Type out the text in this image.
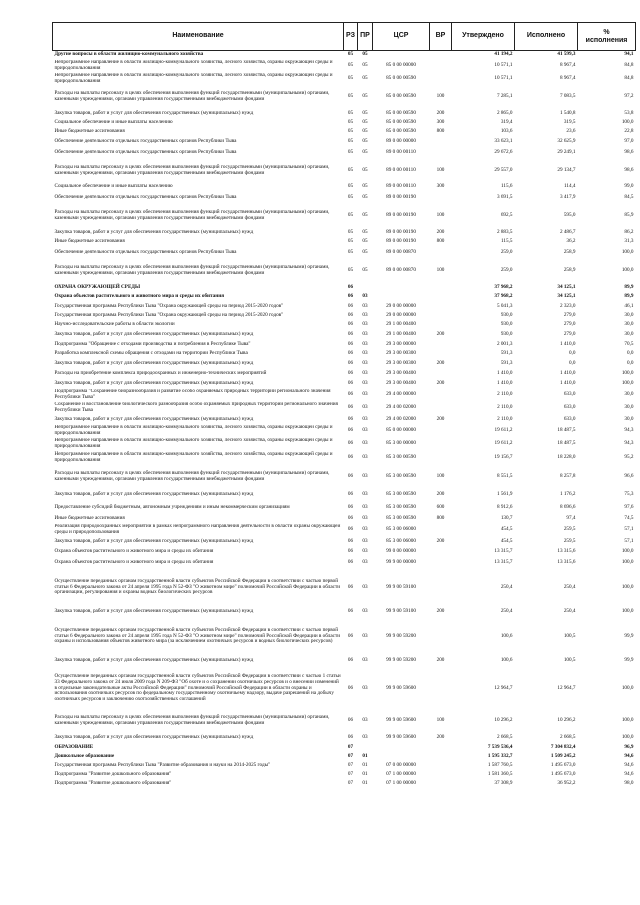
Наименование	РЗ	ПР	ЦСР	ВР	Утверждено	Исполнено	%
исполнения
Другие вопросы в области жилищно-коммунального хозяйства	05	05			41 194,2	41 599,3	94,1
Непрограммное направление в области жилищно-коммунального хозяйства, лесного хозяйства, охраны окружающей среды и природопользования	05	05	85 0 00 00000		10 571,1	8 967,4	84,8
Непрограммное направление в области жилищно-коммунального хозяйства, лесного хозяйства, охраны окружающей среды и природопользования	05	05	85 0 00 00590		10 571,1	8 967,4	84,8
Расходы на выплаты персоналу в целях обеспечения выполнения функций государственными (муниципальными) органами, казенными учреждениями, органами управления государственными внебюджетными фондами	05	05	85 0 00 00590	100	7 285,1	7 083,5	97,2
Закупка товаров, работ и услуг для обеспечения государственных (муниципальных) нужд	05	05	85 0 00 00590	200	2 865,0	1 540,8	53,8
Социальное обеспечение и иные выплаты населению	05	05	85 0 00 00590	300	319,4	319,5	100,0
Иные бюджетные ассигнования	05	05	85 0 00 00590	800	103,6	23,6	22,8
Обеспечение деятельности отдельных государственных органов Республики Тыва	05	05	89 0 00 00000		33 623,1	32 625,9	97,0
Обеспечение деятельности отдельных государственных органов Республики Тыва	05	05	89 0 00 00110		29 672,6	29 249,1	98,6
Расходы на выплаты персоналу в целях обеспечения выполнения функций государственными (муниципальными) органами, казенными учреждениями, органами управления государственными внебюджетными фондами	05	05	89 0 00 00110	100	29 557,0	29 134,7	98,6
Социальное обеспечение и иные выплаты населению	05	05	89 0 00 00110	300	115,6	114,4	99,0
Обеспечение деятельности отдельных государственных органов Республики Тыва	05	05	89 0 00 00190		3 691,5	3 417,9	84,5
Расходы на выплаты персоналу в целях обеспечения выполнения функций государственными (муниципальными) органами, казенными учреждениями, органами управления государственными внебюджетными фондами	05	05	89 0 00 00190	100	692,5	595,0	85,9
Закупка товаров, работ и услуг для обеспечения государственных (муниципальных) нужд	05	05	89 0 00 00190	200	2 883,5	2 486,7	86,2
Иные бюджетные ассигнования	05	05	89 0 00 00190	800	115,5	36,2	31,3
Обеспечение деятельности отдельных государственных органов Республики Тыва	05	05	89 0 00 00870		259,0	258,9	100,0
Расходы на выплаты персоналу в целях обеспечения выполнения функций государственными (муниципальными) органами, казенными учреждениями, органами управления государственными внебюджетными фондами	05	05	89 0 00 00870	100	259,0	258,9	100,0
ОХРАНА ОКРУЖАЮЩЕЙ СРЕДЫ	06				37 968,2	34 125,1	89,9
Охрана объектов растительного и животного мира и среды их обитания	06	03			37 968,2	34 125,1	89,9
Государственная программа Республики Тыва "Охрана окружающей среды на период 2015-2020 годов"	06	03	29 0 00 00000		5 041,3	2 323,0	46,1
Государственная программа Республики Тыва "Охрана окружающей среды на период 2015-2020 годов"	06	03	29 0 00 00000		930,0	279,0	30,0
Научно-исследовательские работы в области экологии	06	03	29 1 00 00400		930,0	279,0	30,0
Закупка товаров, работ и услуг для обеспечения государственных (муниципальных) нужд	06	03	29 1 00 00400	200	930,0	279,0	30,0
Подпрограмма "Обращение с отходами производства и потребления в Республике Тыва"	06	03	29 3 00 00000		2 001,3	1 410,0	70,5
Разработка комплексной схемы обращения с отходами на территории Республики Тыва	06	03	29 3 00 00300		591,3	0,0	0,0
Закупка товаров, работ и услуг для обеспечения государственных (муниципальных) нужд	06	03	29 3 00 00300	200	591,3	0,0	0,0
Расходы на приобретение комплекса природоохранных и инженерно-технических мероприятий	06	03	29 3 00 00400		1 410,0	1 410,0	100,0
Закупка товаров, работ и услуг для обеспечения государственных (муниципальных) нужд	06	03	29 3 00 00400	200	1 410,0	1 410,0	100,0
Подпрограмма "Сохранение биоразнообразия и развитие особо охраняемых природных территорий регионального значения Республики Тыва"	06	03	29 4 00 00000		2 110,0	633,0	30,0
Сохранение и восстановление биологического разнообразия особо охраняемых природных территорий регионального значения Республики Тыва	06	03	29 4 00 02000		2 110,0	633,0	30,0
Закупка товаров, работ и услуг для обеспечения государственных (муниципальных) нужд	06	03	29 4 00 02000	200	2 110,0	633,0	30,0
Непрограммное направление в области жилищно-коммунального хозяйства, лесного хозяйства, охраны окружающей среды и природопользования	06	03	85 0 00 00000		19 611,2	18 487,5	94,3
Непрограммное направление в области жилищно-коммунального хозяйства, лесного хозяйства, охраны окружающей среды и природопользования	06	03	85 3 00 00000		19 611,2	18 487,5	94,3
Непрограммное направление в области жилищно-коммунального хозяйства, лесного хозяйства, охраны окружающей среды и природопользования	06	03	85 3 00 00590		19 156,7	18 228,0	95,2
Расходы на выплаты персоналу в целях обеспечения выполнения функций государственными (муниципальными) органами, казенными учреждениями, органами управления государственными внебюджетными фондами	06	03	85 3 00 00590	100	8 551,5	8 257,8	96,6
Закупка товаров, работ и услуг для обеспечения государственных (муниципальных) нужд	06	03	85 3 00 00590	200	1 561,9	1 176,2	75,3
Предоставление субсидий бюджетным, автономным учреждениям и иным некоммерческим организациям	06	03	85 3 00 00590	600	8 912,6	8 696,6	97,6
Иные бюджетные ассигнования	06	03	85 3 00 00590	800	130,7	97,4	74,5
Реализация природоохранных мероприятий в рамках непрограммного направления деятельности в области охраны окружающей среды и природопользования	06	03	85 3 00 06000		454,5	259,5	57,1
Закупка товаров, работ и услуг для обеспечения государственных (муниципальных) нужд	06	03	85 3 00 06000	200	454,5	259,5	57,1
Охрана объектов растительного и животного мира и среды их обитания	06	03	99 0 00 00000		13 315,7	13 315,6	100,0
Охрана объектов растительного и животного мира и среды их обитания	06	03	99 9 00 00000		13 315,7	13 315,6	100,0
Осуществление переданных органам государственной власти субъектов Российской Федерации в соответствии с частью первой статьи 6 Федерального закона от 24 апреля 1995 года N 52-ФЗ "О животном мире" полномочий Российской Федерации в области организации, регулирования и охраны водных биологических ресурсов	06	03	99 9 00 59100		250,4	250,4	100,0
Закупка товаров, работ и услуг для обеспечения государственных (муниципальных) нужд	06	03	99 9 00 59100	200	250,4	250,4	100,0
Осуществление переданных органам государственной власти субъектов Российской Федерации в соответствии с частью первой статьи 6 Федерального закона от 24 апреля 1995 года N 52-ФЗ "О животном мире" полномочий Российской Федерации в области охраны и использования объектов животного мира (за исключением охотничьих ресурсов и водных биологических ресурсов)	06	03	99 9 00 59200		100,6	100,5	99,9
Закупка товаров, работ и услуг для обеспечения государственных (муниципальных) нужд	06	03	99 9 00 59200	200	100,6	100,5	99,9
Осуществление переданных органам государственной власти субъектов Российской Федерации в соответствии с частью 1 статьи 33 Федерального закона от 24 июля 2009 года N 209-ФЗ "Об охоте и о сохранении охотничьих ресурсов и о внесении изменений в отдельные законодательные акты Российской Федерации" полномочий Российской Федерации в области охраны и использования охотничьих ресурсов по федеральному государственному охотничьему надзору, выдаче разрешений на добычу охотничьих ресурсов и заключению охотхозяйственных соглашений	06	03	99 9 00 59600		12 964,7	12 964,7	100,0
Расходы на выплаты персоналу в целях обеспечения выполнения функций государственными (муниципальными) органами, казенными учреждениями, органами управления государственными внебюджетными фондами	06	03	99 9 00 59600	100	10 296,2	10 296,2	100,0
Закупка товаров, работ и услуг для обеспечения государственных (муниципальных) нужд	06	03	99 9 00 59600	200	2 668,5	2 668,5	100,0
ОБРАЗОВАНИЕ	07				7 539 536,4	7 304 832,4	96,9
Дошкольное образование	07	01			1 595 332,7	1 509 245,2	94,6
Государственная программа Республики Тыва "Развитие образования и науки на 2014-2025 годы"	07	01	07 0 00 00000		1 587 760,5	1 495 673,0	94,6
Подпрограмма "Развитие дошкольного образования"	07	01	07 1 00 00000		1 581 360,5	1 495 673,0	94,6
Подпрограмма "Развитие дошкольного образования"	07	01	07 1 00 00000		37 308,9	36 952,2	98,0
